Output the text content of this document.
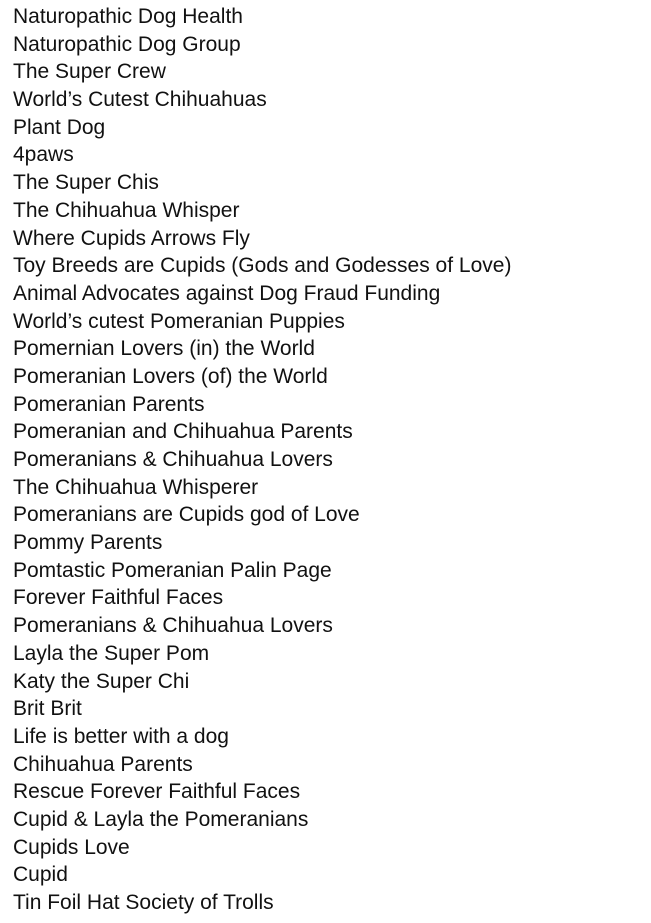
Naturopathic Dog Health
Naturopathic Dog Group
The Super Crew
World’s Cutest Chihuahuas
Plant Dog
4paws
The Super Chis
The Chihuahua Whisper
Where Cupids Arrows Fly
Toy Breeds are Cupids (Gods and Godesses of Love)
Animal Advocates against Dog Fraud Funding
World’s cutest Pomeranian Puppies
Pomernian Lovers (in) the World
Pomeranian Lovers (of) the World
Pomeranian Parents
Pomeranian and Chihuahua Parents
Pomeranians & Chihuahua Lovers
The Chihuahua Whisperer
Pomeranians are Cupids god of Love
Pommy Parents
Pomtastic Pomeranian Palin Page
Forever Faithful Faces
Pomeranians & Chihuahua Lovers
Layla the Super Pom
Katy the Super Chi
Brit Brit
Life is better with a dog
Chihuahua Parents
Rescue Forever Faithful Faces
Cupid & Layla the Pomeranians
Cupids Love
Cupid
Tin Foil Hat Society of Trolls
